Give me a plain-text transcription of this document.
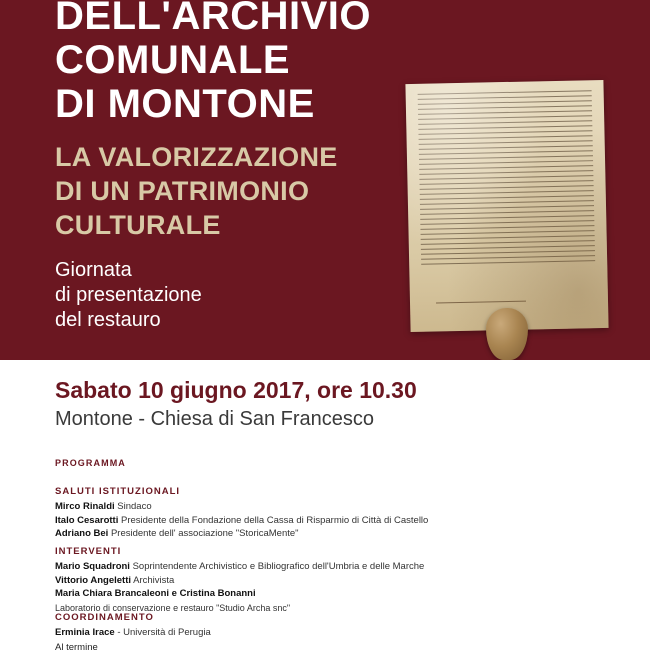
DELL'ARCHIVIO
COMUNALE
DI MONTONE
LA VALORIZZAZIONE
DI UN PATRIMONIO
CULTURALE
Giornata
di presentazione
del restauro
Sabato 10 giugno 2017, ore 10.30
Montone - Chiesa di San Francesco
PROGRAMMA
SALUTI ISTITUZIONALI
Mirco Rinaldi Sindaco
Italo Cesarotti Presidente della Fondazione della Cassa di Risparmio di Città di Castello
Adriano Bei Presidente dell' associazione "StoricaMente"
INTERVENTI
Mario Squadroni Soprintendente Archivistico e Bibliografico dell'Umbria e delle Marche
Vittorio Angeletti Archivista
Maria Chiara Brancaleoni e Cristina Bonanni
Laboratorio di conservazione e restauro "Studio Archa snc"
COORDINAMENTO
Erminia Irace - Università di Perugia
Al termine
